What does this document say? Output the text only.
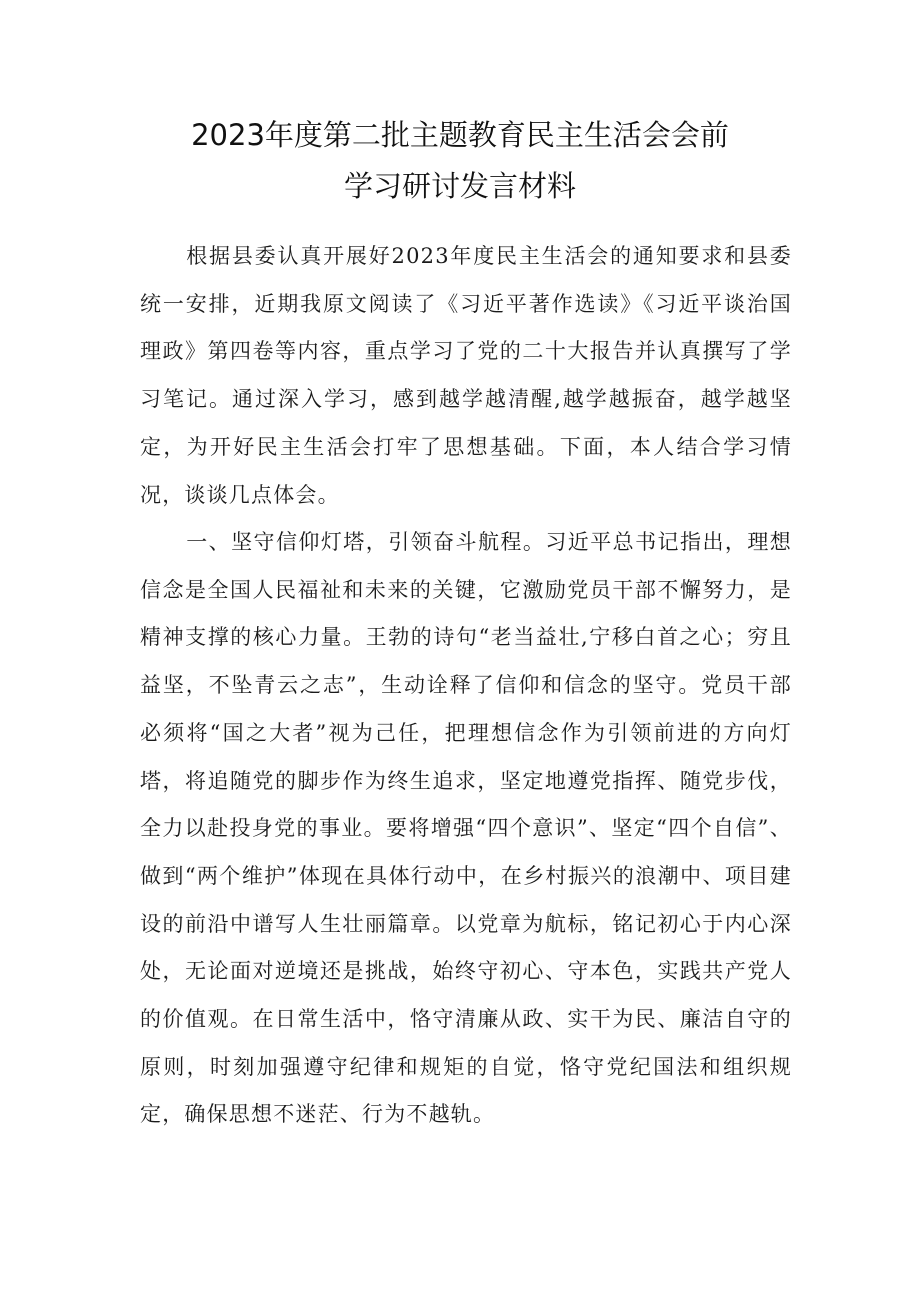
2023年度第二批主题教育民主生活会会前
学习研讨发言材料

根据县委认真开展好2023年度民主生活会的通知要求和县委统一安排，近期我原文阅读了《习近平著作选读》《习近平谈治国理政》第四卷等内容，重点学习了党的二十大报告并认真撰写了学习笔记。通过深入学习，感到越学越清醒,越学越振奋，越学越坚定，为开好民主生活会打牢了思想基础。下面，本人结合学习情况，谈谈几点体会。

一、坚守信仰灯塔，引领奋斗航程。习近平总书记指出，理想信念是全国人民福祉和未来的关键，它激励党员干部不懈努力，是精神支撑的核心力量。王勃的诗句“老当益壮,宁移白首之心；穷且益坚，不坠青云之志”，生动诠释了信仰和信念的坚守。党员干部必须将“国之大者”视为己任，把理想信念作为引领前进的方向灯塔，将追随党的脚步作为终生追求，坚定地遵党指挥、随党步伐，全力以赴投身党的事业。要将增强“四个意识”、坚定“四个自信”、做到“两个维护”体现在具体行动中，在乡村振兴的浪潮中、项目建设的前沿中谱写人生壮丽篇章。以党章为航标，铭记初心于内心深处，无论面对逆境还是挑战，始终守初心、守本色，实践共产党人的价值观。在日常生活中，恪守清廉从政、实干为民、廉洁自守的原则，时刻加强遵守纪律和规矩的自觉，恪守党纪国法和组织规定，确保思想不迷茫、行为不越轨。
